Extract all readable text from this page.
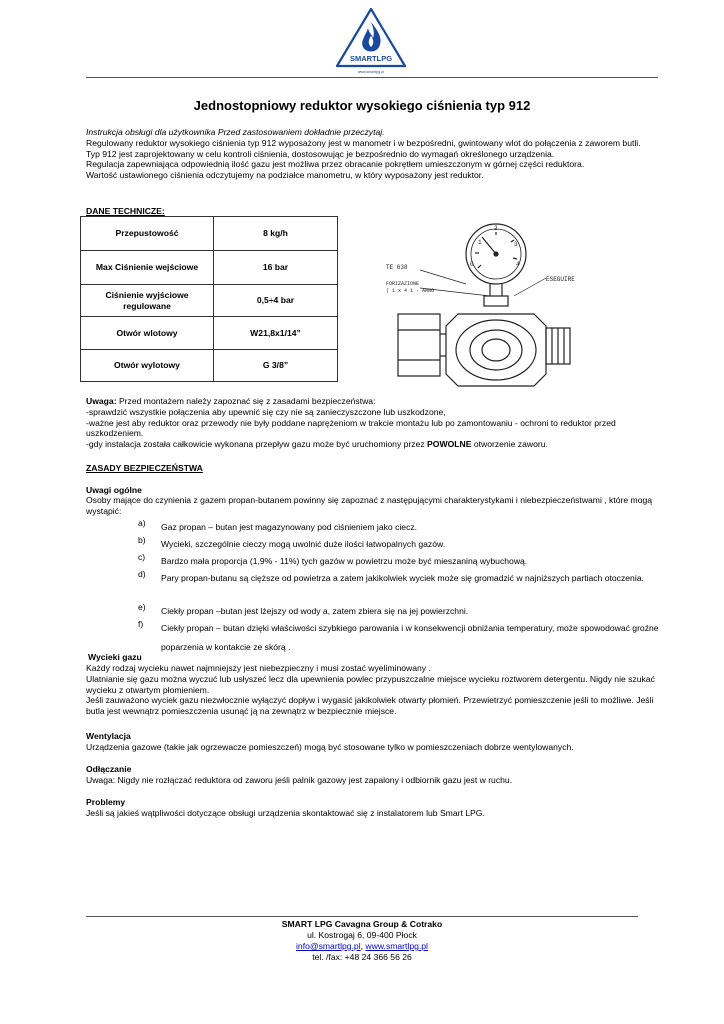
SMARTLPG
www.smartlpg.pl
Jednostopniowy reduktor wysokiego ciśnienia typ 912
Instrukcja obsługi dla użytkownika Przed zastosowaniem dokładnie przeczytaj.
Regulowany reduktor wysokiego ciśnienia typ 912 wyposażony jest w manometr i w bezpośredni, gwintowany wlot do połączenia z zaworem butli.
Typ 912 jest zaprojektowany w celu kontroli ciśnienia, dostosowując je bezpośrednio do wymagań określonego urządzenia.
Regulacja zapewniająca odpowiednią ilość gazu jest możliwa przez obracanie pokrętłem umieszczonym w górnej części reduktora.
Wartość ustawionego ciśnienia odczytujemy na podziałce manometru, w który wyposażony jest reduktor.
DANE TECHNICZE:
Przepustowość	8 kg/h
Max Ciśnienie wejściowe	16 bar
Ciśnienie wyjściowe regulowane	0,5÷4 bar
Otwór wlotowy	W21,8x1/14”
Otwór wylotowy	G 3/8”
0
1
2
3
4
TE 638
FORIZAZIONE
( 1 x 4 1 - ANNO
ESEGUIRE
Uwaga: Przed montażem należy zapoznać się z zasadami bezpieczeństwa:
-sprawdzić wszystkie połączenia aby upewnić się czy nie są zanieczyszczone lub uszkodzone,
-ważne jest aby reduktor oraz przewody nie były poddane naprężeniom w trakcie montażu lub po zamontowaniu - ochroni to reduktor przed uszkodzeniem.
-gdy instalacja została całkowicie wykonana przepływ gazu może być uruchomiony przez POWOLNE otworzenie zaworu.
ZASADY BEZPIECZEŃSTWA
Uwagi ogólne
Osoby mające do czynienia z gazem propan-butanem powinny się zapoznać z następującymi charakterystykami i niebezpieczeństwami , które mogą wystąpić:
a) Gaz propan – butan jest magazynowany pod ciśnieniem jako ciecz.
b) Wycieki, szczególnie cieczy mogą uwolnić duże ilości łatwopalnych gazów.
c) Bardzo mała proporcja (1,9% - 11%) tych gazów w powietrzu może być mieszaniną wybuchową.
d) Pary propan-butanu są cięższe od powietrza a zatem jakikolwiek wyciek może się gromadzić w najniższych partiach otoczenia.
e) Ciekły propan –butan jest lżejszy od wody a, zatem zbiera się na jej powierzchni.
f) Ciekły propan – butan dzięki właściwości szybkiego parowania i w konsekwencji obniżania temperatury, może spowodować groźne poparzenia w kontakcie ze skórą .
Wycieki gazu
Każdy rodzaj wycieku nawet najmniejszy jest niebezpieczny i musi zostać wyeliminowany .
Ulatnianie się gazu można wyczuć lub usłyszeć lecz dla upewnienia powlec przypuszczalne miejsce wycieku roztworem detergentu. Nigdy nie szukać wycieku z otwartym płomieniem.
Jeśli zauważono wyciek gazu niezwłocznie wyłączyć dopływ i wygasić jakikolwiek otwarty płomień. Przewietrzyć pomieszczenie jeśli to możliwe. Jeśli butla jest wewnątrz pomieszczenia usunąć ją na zewnątrz w bezpiecznie miejsce.
Wentylacja
Urządzenia gazowe (takie jak ogrzewacze pomieszczeń) mogą być stosowane tylko w pomieszczeniach dobrze wentylowanych.
Odłączanie
Uwaga: Nigdy nie rozłączać reduktora od zaworu jeśli palnik gazowy jest zapalony i odbiornik gazu jest w ruchu.
Problemy
Jeśli są jakieś wątpliwości dotyczące obsługi urządzenia skontaktować się z instalatorem lub Smart LPG.
SMART LPG Cavagna Group & Cotrako
ul. Kostrogaj 6, 09-400 Płock
info@smartlpg.pl, www.smartlpg.pl
tel. /fax: +48 24 366 56 26
